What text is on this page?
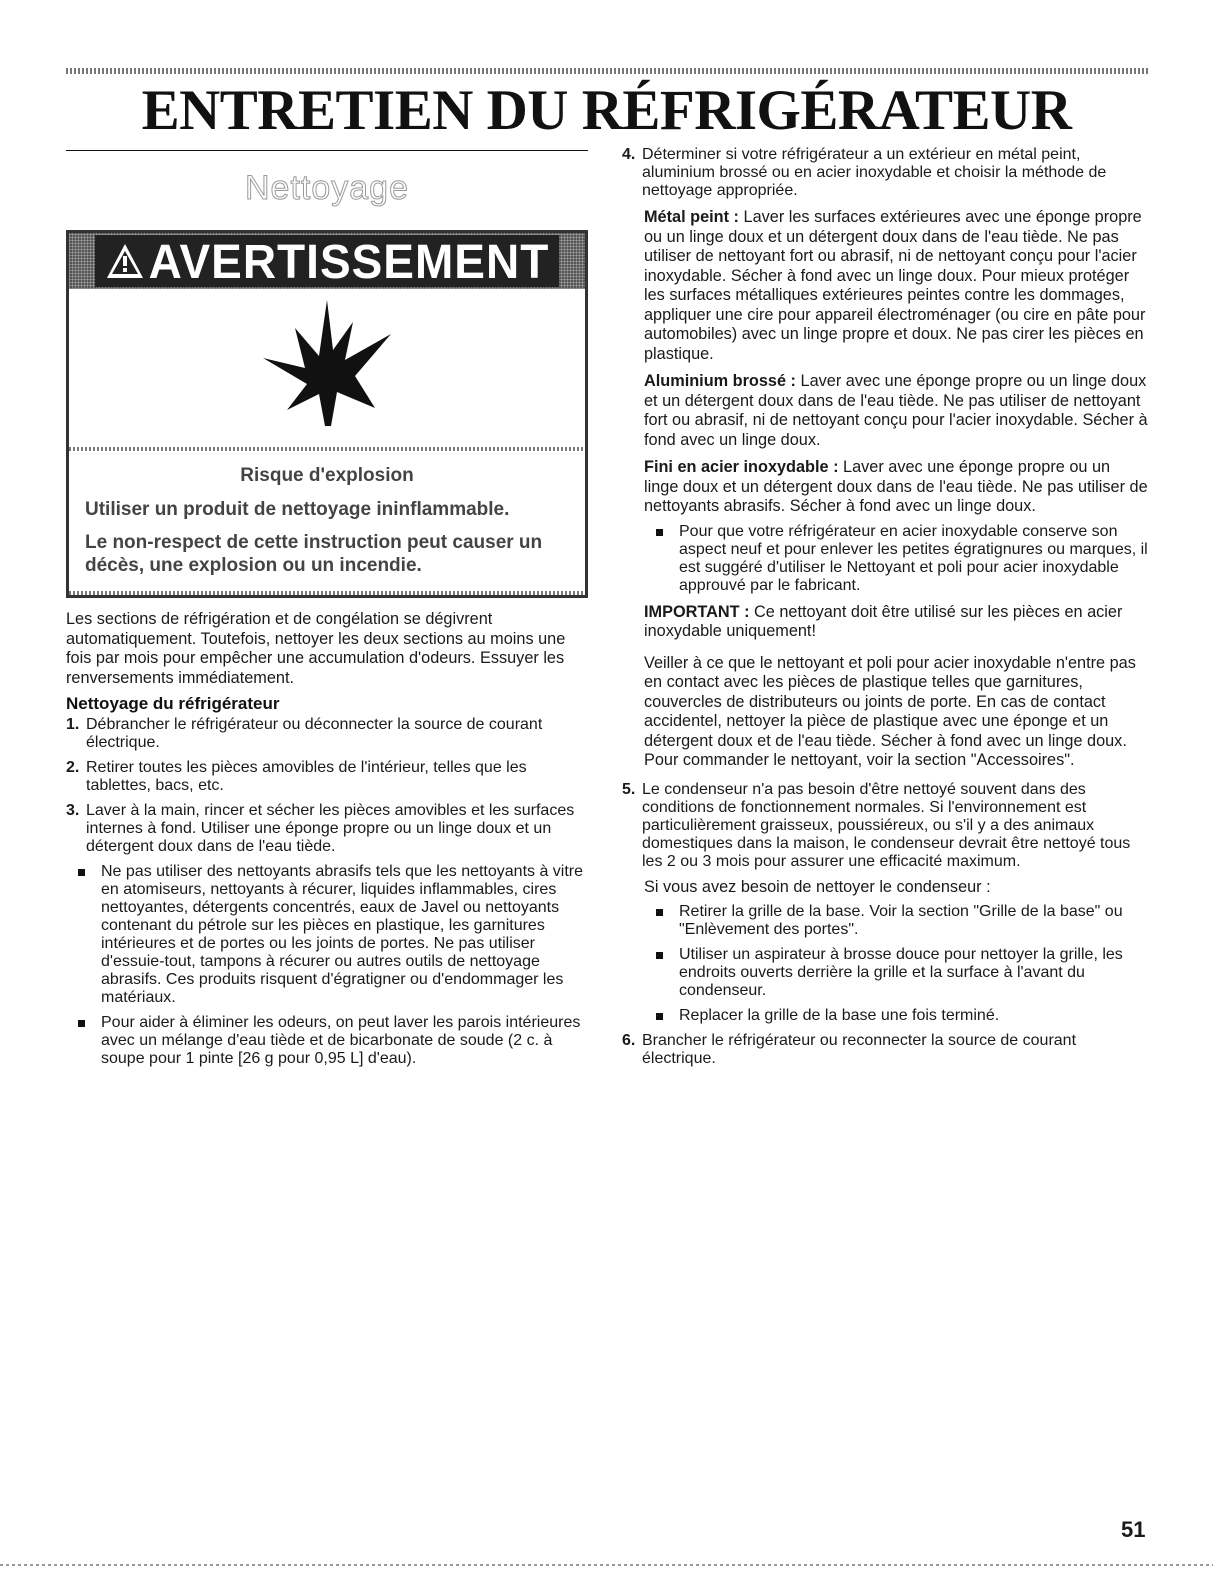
ENTRETIEN DU RÉFRIGÉRATEUR
Nettoyage
AVERTISSEMENT
Risque d'explosion
Utiliser un produit de nettoyage ininflammable.
Le non-respect de cette instruction peut causer un décès, une explosion ou un incendie.

Les sections de réfrigération et de congélation se dégivrent automatiquement. Toutefois, nettoyer les deux sections au moins une fois par mois pour empêcher une accumulation d'odeurs. Essuyer les renversements immédiatement.

Nettoyage du réfrigérateur
1. Débrancher le réfrigérateur ou déconnecter la source de courant électrique.
2. Retirer toutes les pièces amovibles de l'intérieur, telles que les tablettes, bacs, etc.
3. Laver à la main, rincer et sécher les pièces amovibles et les surfaces internes à fond. Utiliser une éponge propre ou un linge doux et un détergent doux dans de l'eau tiède.
Ne pas utiliser des nettoyants abrasifs tels que les nettoyants à vitre en atomiseurs, nettoyants à récurer, liquides inflammables, cires nettoyantes, détergents concentrés, eaux de Javel ou nettoyants contenant du pétrole sur les pièces en plastique, les garnitures intérieures et de portes ou les joints de portes. Ne pas utiliser d'essuie-tout, tampons à récurer ou autres outils de nettoyage abrasifs. Ces produits risquent d'égratigner ou d'endommager les matériaux.
Pour aider à éliminer les odeurs, on peut laver les parois intérieures avec un mélange d'eau tiède et de bicarbonate de soude (2 c. à soupe pour 1 pinte [26 g pour 0,95 L] d'eau).
4. Déterminer si votre réfrigérateur a un extérieur en métal peint, aluminium brossé ou en acier inoxydable et choisir la méthode de nettoyage appropriée.

Métal peint : Laver les surfaces extérieures avec une éponge propre ou un linge doux et un détergent doux dans de l'eau tiède. Ne pas utiliser de nettoyant fort ou abrasif, ni de nettoyant conçu pour l'acier inoxydable. Sécher à fond avec un linge doux. Pour mieux protéger les surfaces métalliques extérieures peintes contre les dommages, appliquer une cire pour appareil électroménager (ou cire en pâte pour automobiles) avec un linge propre et doux. Ne pas cirer les pièces en plastique.

Aluminium brossé : Laver avec une éponge propre ou un linge doux et un détergent doux dans de l'eau tiède. Ne pas utiliser de nettoyant fort ou abrasif, ni de nettoyant conçu pour l'acier inoxydable. Sécher à fond avec un linge doux.

Fini en acier inoxydable : Laver avec une éponge propre ou un linge doux et un détergent doux dans de l'eau tiède. Ne pas utiliser de nettoyants abrasifs. Sécher à fond avec un linge doux.

Pour que votre réfrigérateur en acier inoxydable conserve son aspect neuf et pour enlever les petites égratignures ou marques, il est suggéré d'utiliser le Nettoyant et poli pour acier inoxydable approuvé par le fabricant.

IMPORTANT : Ce nettoyant doit être utilisé sur les pièces en acier inoxydable uniquement!

Veiller à ce que le nettoyant et poli pour acier inoxydable n'entre pas en contact avec les pièces de plastique telles que garnitures, couvercles de distributeurs ou joints de porte. En cas de contact accidentel, nettoyer la pièce de plastique avec une éponge et un détergent doux et de l'eau tiède. Sécher à fond avec un linge doux. Pour commander le nettoyant, voir la section "Accessoires".

5. Le condenseur n'a pas besoin d'être nettoyé souvent dans des conditions de fonctionnement normales. Si l'environnement est particulièrement graisseux, poussiéreux, ou s'il y a des animaux domestiques dans la maison, le condenseur devrait être nettoyé tous les 2 ou 3 mois pour assurer une efficacité maximum.

Si vous avez besoin de nettoyer le condenseur :

Retirer la grille de la base. Voir la section "Grille de la base" ou "Enlèvement des portes".
Utiliser un aspirateur à brosse douce pour nettoyer la grille, les endroits ouverts derrière la grille et la surface à l'avant du condenseur.
Replacer la grille de la base une fois terminé.
6. Brancher le réfrigérateur ou reconnecter la source de courant électrique.
51
